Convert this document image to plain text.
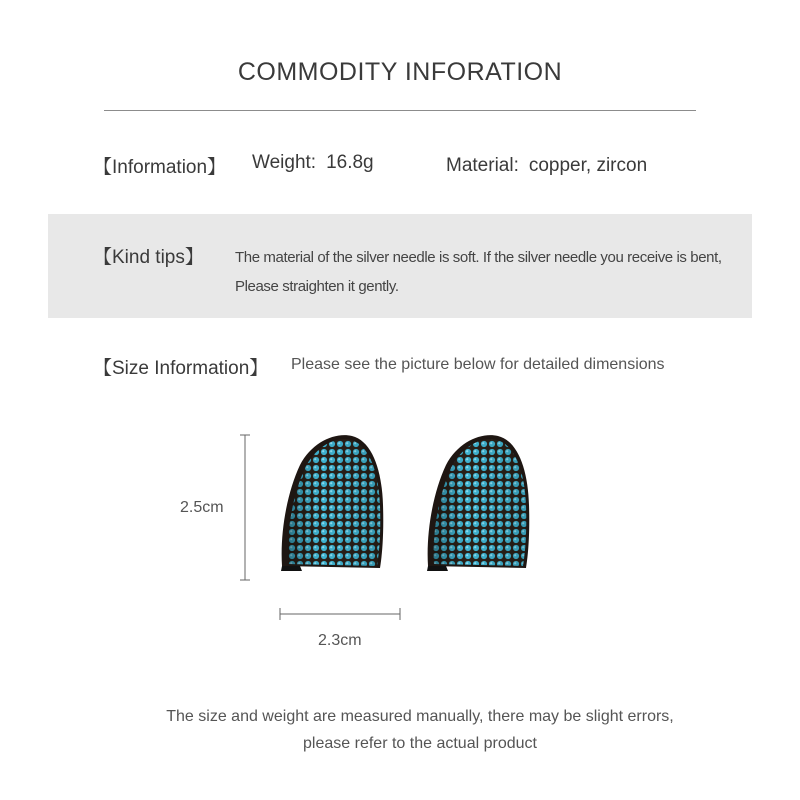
COMMODITY INFORATION
【Information】 Weight: 16.8g	Material: copper, zircon
【Kind tips】 The material of the silver needle is soft. If the silver needle you receive is bent,
Please straighten it gently.
【Size Information】 Please see the picture below for detailed dimensions
2.5cm
2.3cm
The size and weight are measured manually, there may be slight errors,
please refer to the actual product
